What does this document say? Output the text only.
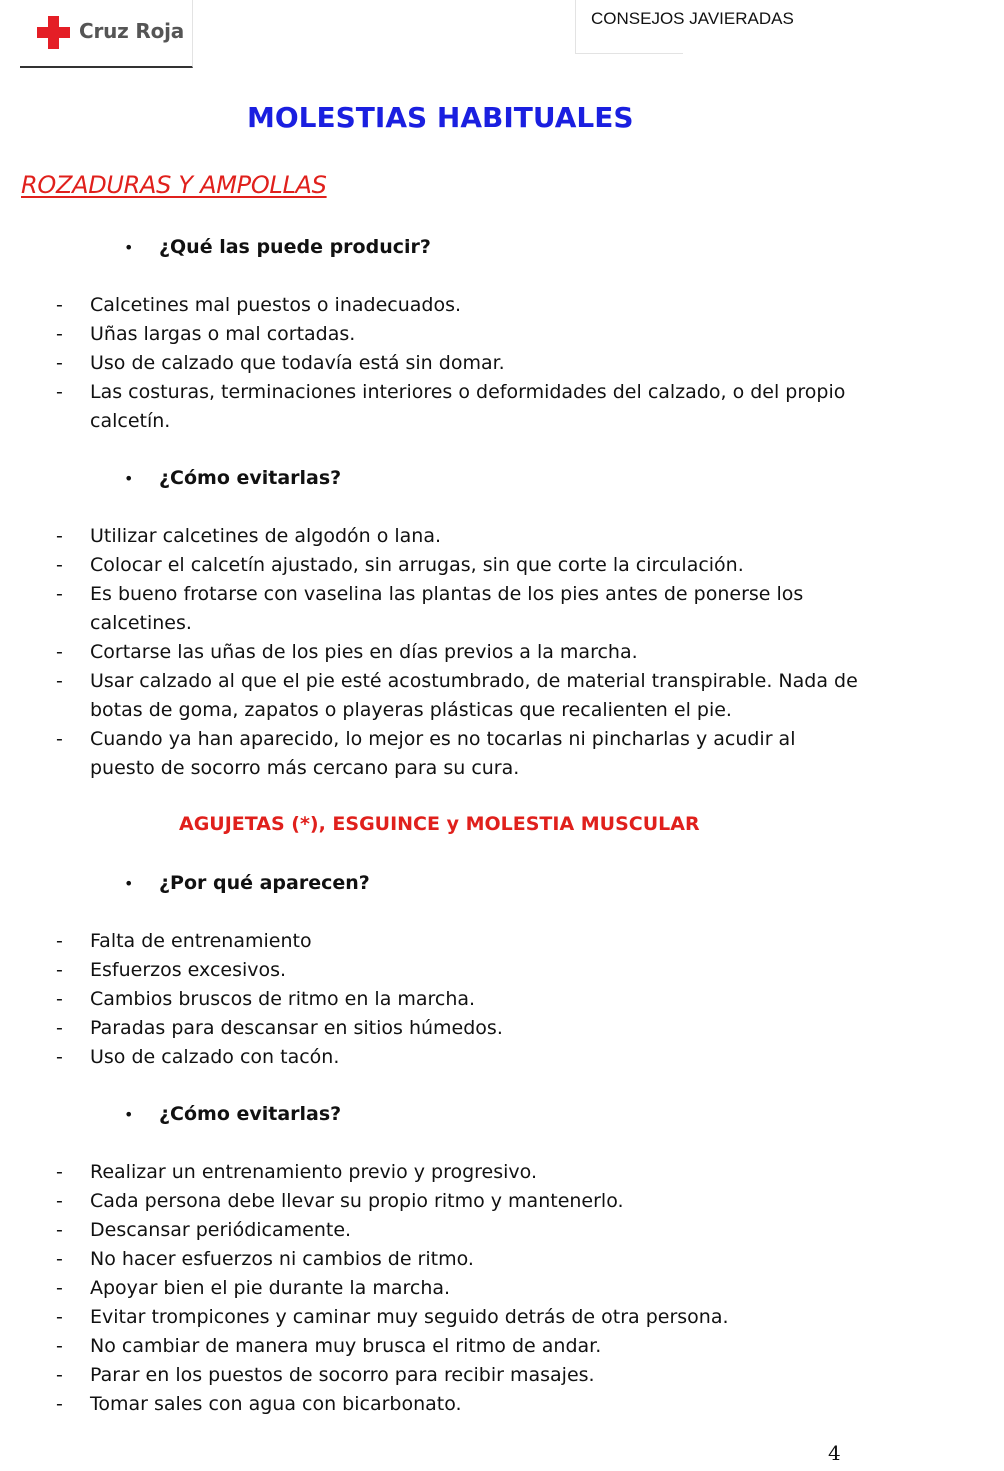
Cruz Roja
CONSEJOS JAVIERADAS
MOLESTIAS HABITUALES
ROZADURAS Y AMPOLLAS
• ¿Qué las puede producir?
- Calcetines mal puestos o inadecuados.
- Uñas largas o mal cortadas.
- Uso de calzado que todavía está sin domar.
- Las costuras, terminaciones interiores o deformidades del calzado, o del propio calcetín.
• ¿Cómo evitarlas?
- Utilizar calcetines de algodón o lana.
- Colocar el calcetín ajustado, sin arrugas, sin que corte la circulación.
- Es bueno frotarse con vaselina las plantas de los pies antes de ponerse los calcetines.
- Cortarse las uñas de los pies en días previos a la marcha.
- Usar calzado al que el pie esté acostumbrado, de material transpirable. Nada de botas de goma, zapatos o playeras plásticas que recalienten el pie.
- Cuando ya han aparecido, lo mejor es no tocarlas ni pincharlas y acudir al puesto de socorro más cercano para su cura.
AGUJETAS (*), ESGUINCE y MOLESTIA MUSCULAR
• ¿Por qué aparecen?
- Falta de entrenamiento
- Esfuerzos excesivos.
- Cambios bruscos de ritmo en la marcha.
- Paradas para descansar en sitios húmedos.
- Uso de calzado con tacón.
• ¿Cómo evitarlas?
- Realizar un entrenamiento previo y progresivo.
- Cada persona debe llevar su propio ritmo y mantenerlo.
- Descansar periódicamente.
- No hacer esfuerzos ni cambios de ritmo.
- Apoyar bien el pie durante la marcha.
- Evitar trompicones y caminar muy seguido detrás de otra persona.
- No cambiar de manera muy brusca el ritmo de andar.
- Parar en los puestos de socorro para recibir masajes.
- Tomar sales con agua con bicarbonato.
4
